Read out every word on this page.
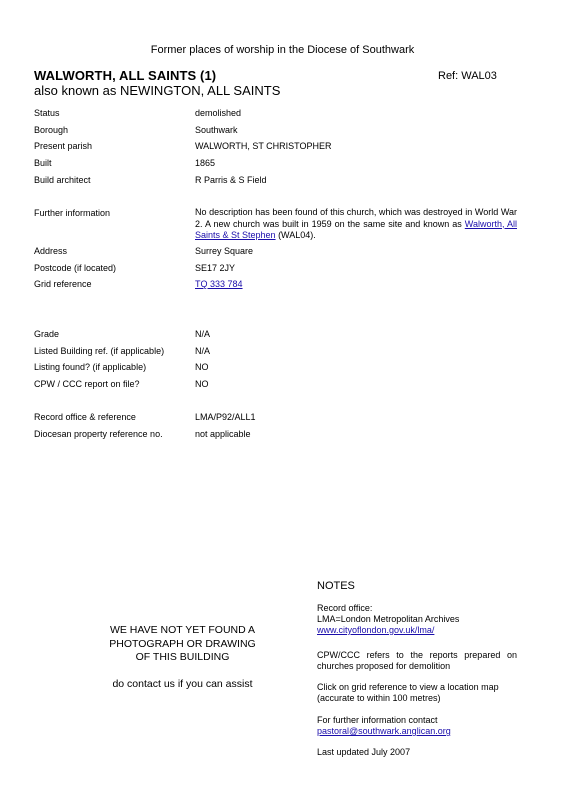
Former places of worship in the Diocese of Southwark
WALWORTH, ALL SAINTS (1)	Ref: WAL03
also known as NEWINGTON, ALL SAINTS
Status	demolished
Borough	Southwark
Present parish	WALWORTH, ST CHRISTOPHER
Built	1865
Build architect	R Parris & S Field
Further information	No description has been found of this church, which was destroyed in World War 2. A new church was built in 1959 on the same site and known as Walworth, All Saints & St Stephen (WAL04).
Address	Surrey Square
Postcode (if located)	SE17 2JY
Grid reference	TQ 333 784
Grade	N/A
Listed Building ref. (if applicable)	N/A
Listing found? (if applicable)	NO
CPW / CCC report on file?	NO
Record office & reference	LMA/P92/ALL1
Diocesan property reference no.	not applicable
WE HAVE NOT YET FOUND A
PHOTOGRAPH OR DRAWING
OF THIS BUILDING
do contact us if you can assist
NOTES
Record office:
LMA=London Metropolitan Archives
www.cityoflondon.gov.uk/lma/
CPW/CCC refers to the reports prepared on churches proposed for demolition
Click on grid reference to view a location map (accurate to within 100 metres)
For further information contact
pastoral@southwark.anglican.org
Last updated July 2007
